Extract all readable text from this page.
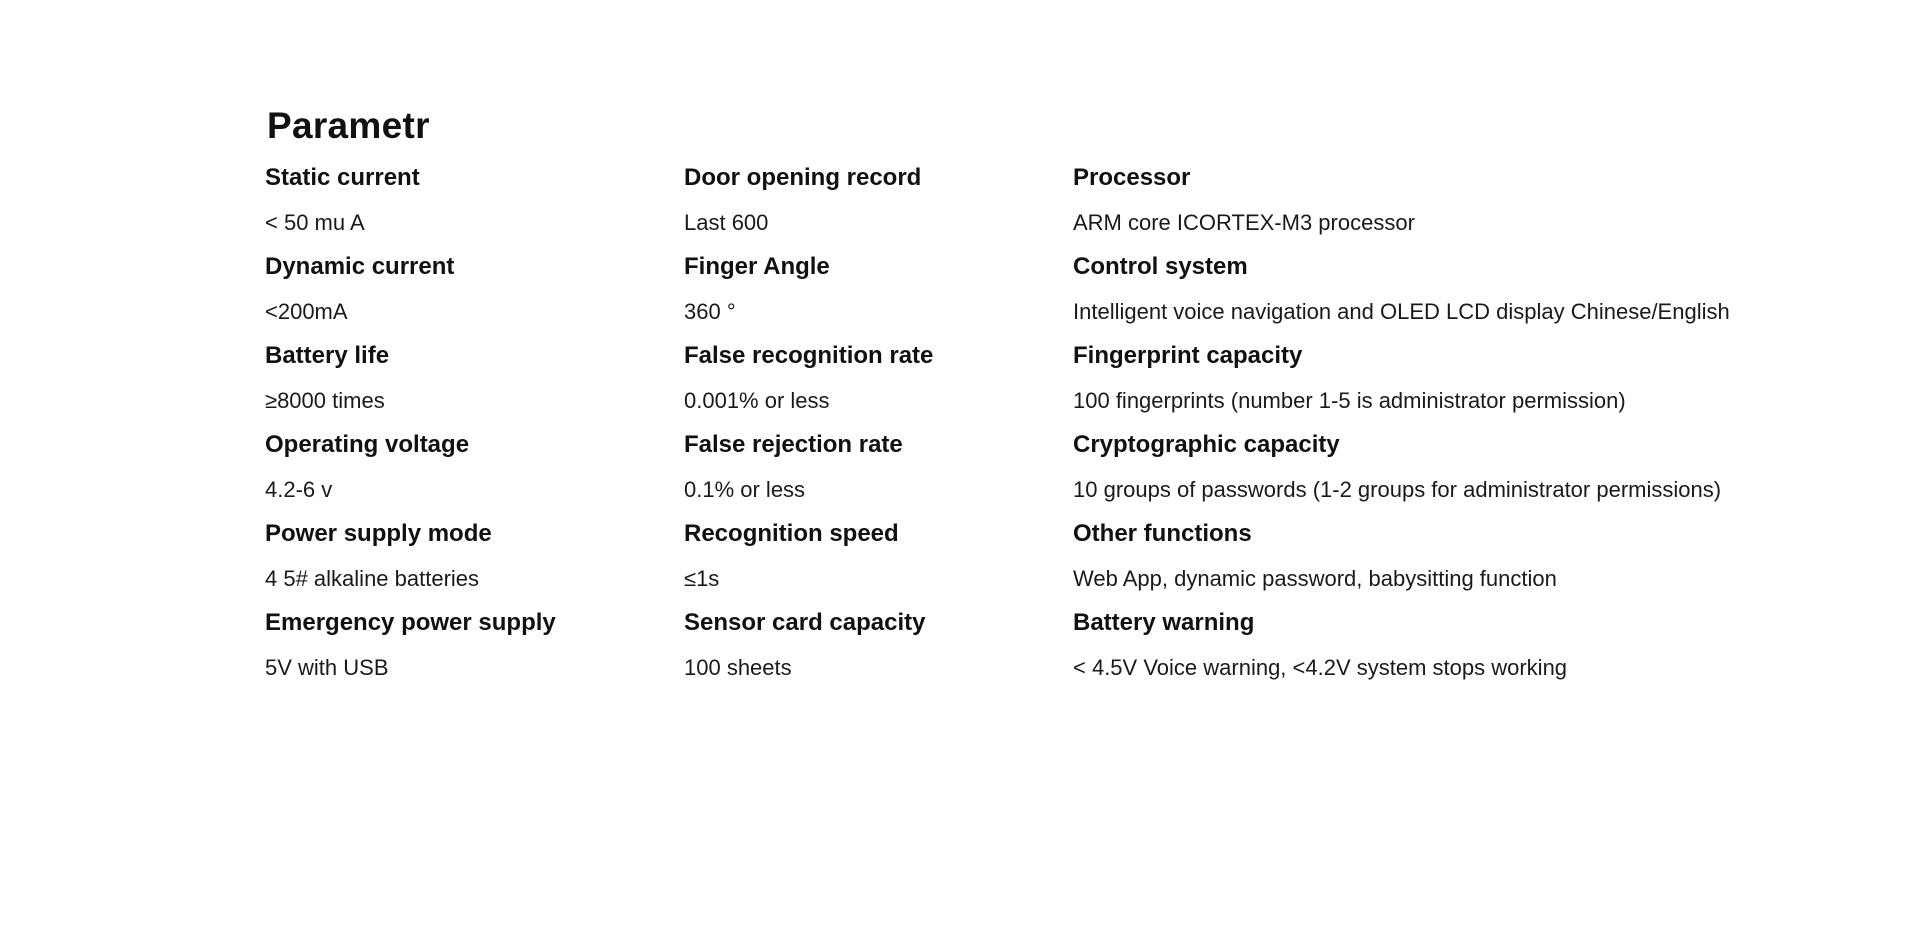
Parametr
Static current
< 50 mu A
Dynamic current
<200mA
Battery life
≥8000 times
Operating voltage
4.2-6 v
Power supply mode
4 5# alkaline batteries
Emergency power supply
5V with USB
Door opening record
Last 600
Finger Angle
360 °
False recognition rate
0.001% or less
False rejection rate
0.1% or less
Recognition speed
≤1s
Sensor card capacity
100 sheets
Processor
ARM core ICORTEX-M3 processor
Control system
Intelligent voice navigation and OLED LCD display Chinese/English
Fingerprint capacity
100 fingerprints (number 1-5 is administrator permission)
Cryptographic capacity
10 groups of passwords (1-2 groups for administrator permissions)
Other functions
Web App, dynamic password, babysitting function
Battery warning
< 4.5V Voice warning, <4.2V system stops working
